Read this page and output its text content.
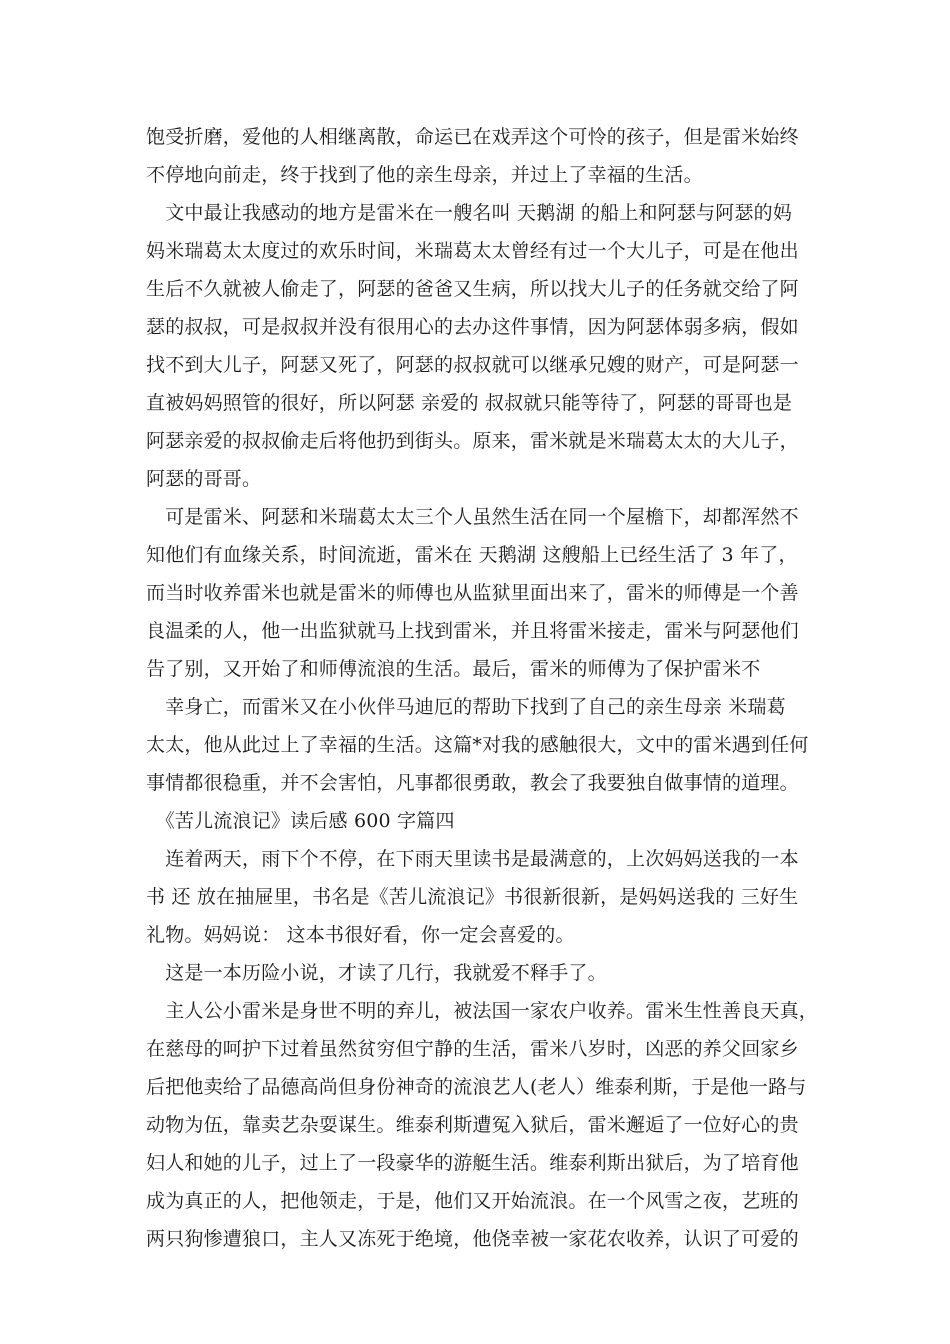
饱受折磨，爱他的人相继离散，命运已在戏弄这个可怜的孩子，但是雷米始终
不停地向前走，终于找到了他的亲生母亲，并过上了幸福的生活。
　文中最让我感动的地方是雷米在一艘名叫 天鹅湖 的船上和阿瑟与阿瑟的妈
妈米瑞葛太太度过的欢乐时间，米瑞葛太太曾经有过一个大儿子，可是在他出
生后不久就被人偷走了，阿瑟的爸爸又生病，所以找大儿子的任务就交给了阿
瑟的叔叔，可是叔叔并没有很用心的去办这件事情，因为阿瑟体弱多病，假如
找不到大儿子，阿瑟又死了，阿瑟的叔叔就可以继承兄嫂的财产，可是阿瑟一
直被妈妈照管的很好，所以阿瑟 亲爱的 叔叔就只能等待了，阿瑟的哥哥也是
阿瑟亲爱的叔叔偷走后将他扔到街头。原来，雷米就是米瑞葛太太的大儿子，
阿瑟的哥哥。
　可是雷米、阿瑟和米瑞葛太太三个人虽然生活在同一个屋檐下，却都浑然不
知他们有血缘关系，时间流逝，雷米在 天鹅湖 这艘船上已经生活了 3 年了，
而当时收养雷米也就是雷米的师傅也从监狱里面出来了，雷米的师傅是一个善
良温柔的人，他一出监狱就马上找到雷米，并且将雷米接走，雷米与阿瑟他们
告了别，又开始了和师傅流浪的生活。最后，雷米的师傅为了保护雷米不
　幸身亡，而雷米又在小伙伴马迪厄的帮助下找到了自己的亲生母亲 米瑞葛
太太，他从此过上了幸福的生活。这篇*对我的感触很大，文中的雷米遇到任何
事情都很稳重，并不会害怕，凡事都很勇敢，教会了我要独自做事情的道理。
　《苦儿流浪记》读后感 600 字篇四
　连着两天，雨下个不停，在下雨天里读书是最满意的，上次妈妈送我的一本
书 还 放在抽屉里，书名是《苦儿流浪记》书很新很新，是妈妈送我的 三好生
礼物。妈妈说： 这本书很好看，你一定会喜爱的。
　这是一本历险小说，才读了几行，我就爱不释手了。
　主人公小雷米是身世不明的弃儿，被法国一家农户收养。雷米生性善良天真，
在慈母的呵护下过着虽然贫穷但宁静的生活，雷米八岁时，凶恶的养父回家乡
后把他卖给了品德高尚但身份神奇的流浪艺人(老人）维泰利斯，于是他一路与
动物为伍，靠卖艺杂耍谋生。维泰利斯遭冤入狱后，雷米邂逅了一位好心的贵
妇人和她的儿子，过上了一段豪华的游艇生活。维泰利斯出狱后，为了培育他
成为真正的人，把他领走，于是，他们又开始流浪。在一个风雪之夜，艺班的
两只狗惨遭狼口，主人又冻死于绝境，他侥幸被一家花农收养，认识了可爱的
